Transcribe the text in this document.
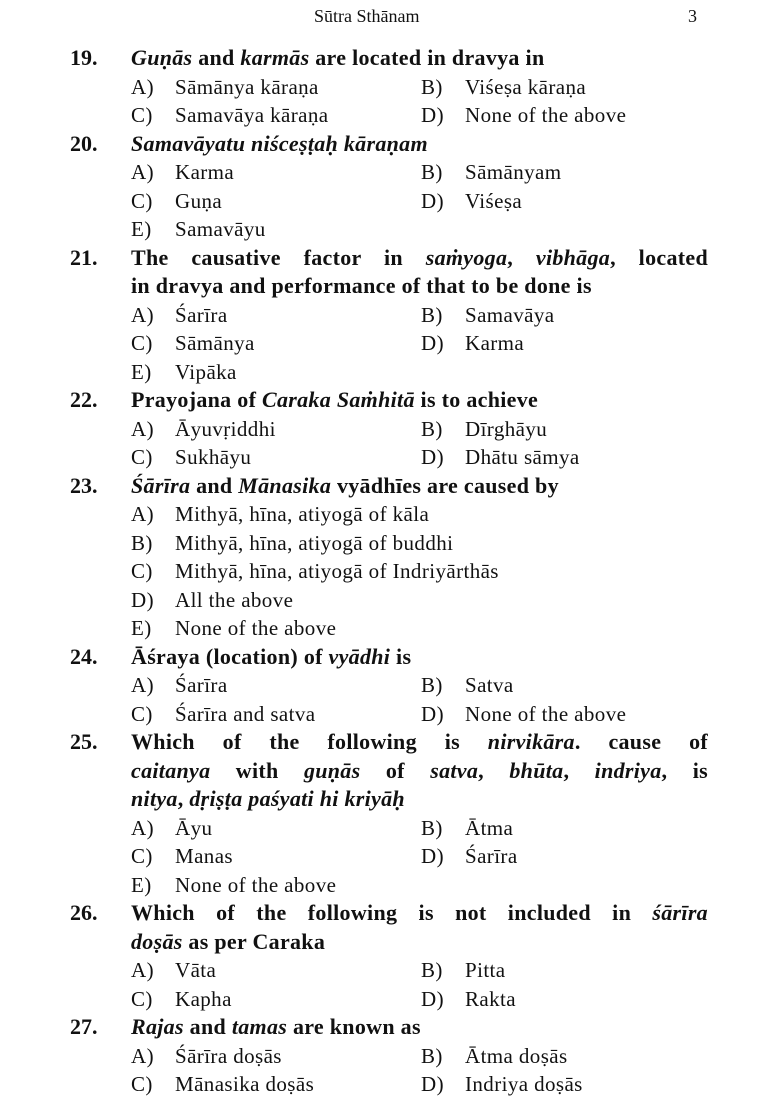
Sūtra Sthānam	3
19. Guṇās and karmās are located in dravya in
A) Sāmānya kāraṇa	B) Viśeṣa kāraṇa
C) Samavāya kāraṇa	D) None of the above
20. Samavāyatu niśceṣṭaḥ kāraṇam
A) Karma	B) Sāmānyam
C) Guṇa	D) Viśeṣa
E) Samavāyu
21. The causative factor in saṁyoga, vibhāga, located
in dravya and performance of that to be done is
A) Śarīra	B) Samavāya
C) Sāmānya	D) Karma
E) Vipāka
22. Prayojana of Caraka Saṁhitā is to achieve
A) Āyuvṛiddhi	B) Dīrghāyu
C) Sukhāyu	D) Dhātu sāmya
23. Śārīra and Mānasika vyādhīes are caused by
A) Mithyā, hīna, atiyogā of kāla
B) Mithyā, hīna, atiyogā of buddhi
C) Mithyā, hīna, atiyogā of Indriyārthās
D) All the above
E) None of the above
24. Āśraya (location) of vyādhi is
A) Śarīra	B) Satva
C) Śarīra and satva	D) None of the above
25. Which of the following is nirvikāra. cause of
caitanya with guṇās of satva, bhūta, indriya, is
nitya, dṛiṣṭa paśyati hi kriyāḥ
A) Āyu	B) Ātma
C) Manas	D) Śarīra
E) None of the above
26. Which of the following is not included in śārīra
doṣās as per Caraka
A) Vāta	B) Pitta
C) Kapha	D) Rakta
27. Rajas and tamas are known as
A) Śārīra doṣās	B) Ātma doṣās
C) Mānasika doṣās	D) Indriya doṣās
